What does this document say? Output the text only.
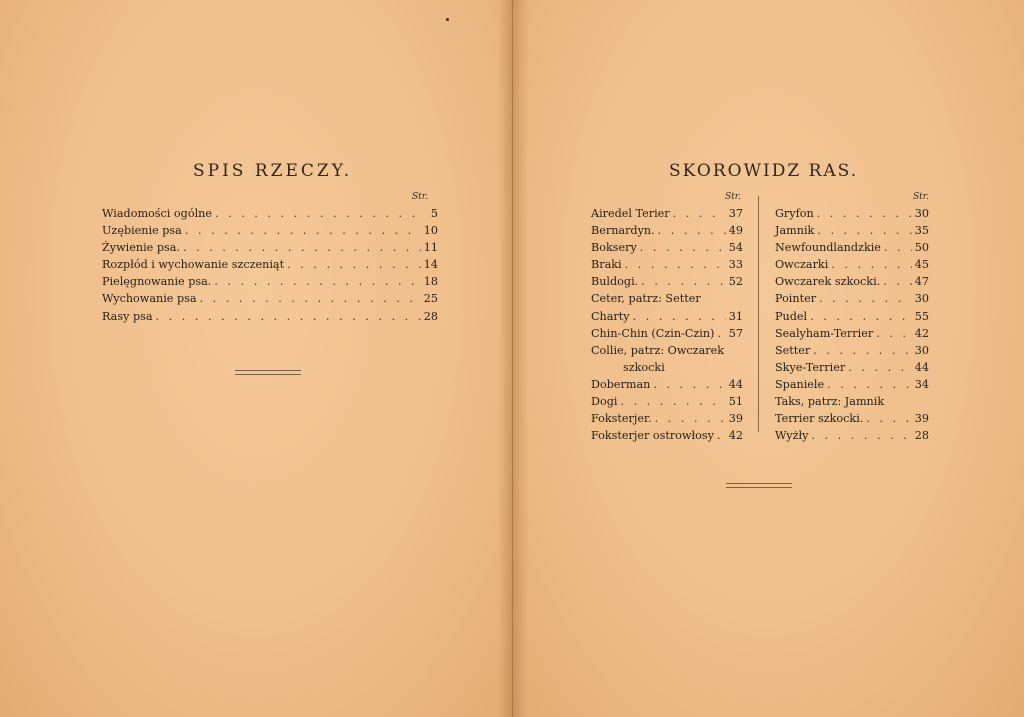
SPIS RZECZY.
Str.
Wiadomości ogólne . . .	5
Uzębienie psa . . .	10
Żywienie psa. . . .	11
Rozpłód i wychowanie szczeniąt . . .	14
Pielęgnowanie psa. . . .	18
Wychowanie psa . . .	25
Rasy psa . . .	28
SKOROWIDZ RAS.
Str.	Str.
Airedel Terier . . .	37
Bernardyn. . . .	49
Boksery . . .	54
Braki . . .	33
Buldogi. . . .	52
Ceter, patrz: Setter
Charty . . .	31
Chin-Chin (Czin-Czin) . . . 57
Collie, patrz: Owczarek
szkocki
Doberman . . .	44
Dogi . . .	51
Foksterjer. . . .	39
Foksterjer ostrowłosy . . . 42
Gryfon . . .	30
Jamnik . . .	35
Newfoundlandzkie . . .	50
Owczarki . . .	45
Owczarek szkocki. . . .	47
Pointer . . .	30
Pudel . . .	55
Sealyham-Terrier . . .	42
Setter . . .	30
Skye-Terrier . . .	44
Spaniele . . .	34
Taks, patrz: Jamnik
Terrier szkocki. . . .	39
Wyżły . . .	28
